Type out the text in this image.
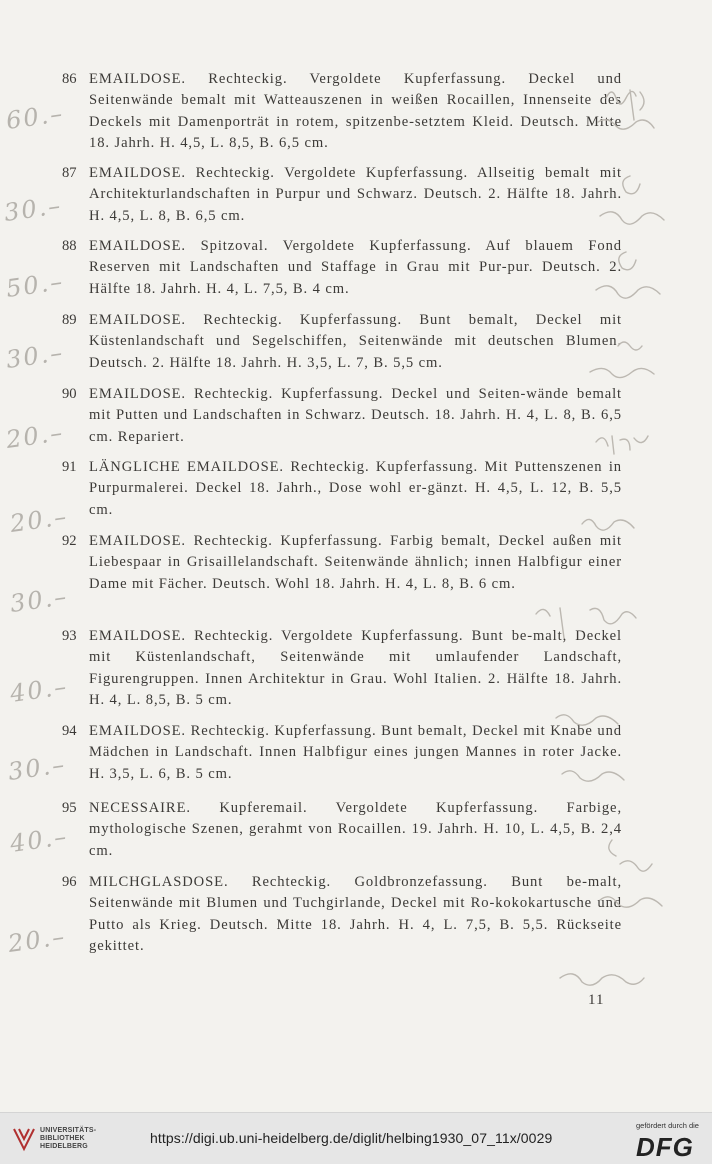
86 EMAILDOSE. Rechteckig. Vergoldete Kupferfassung. Deckel und Seitenwände bemalt mit Watteauszenen in weißen Rocaillen, Innenseite des Deckels mit Damenporträt in rotem, spitzenbe-setztem Kleid. Deutsch. Mitte 18. Jahrh. H. 4,5, L. 8,5, B. 6,5 cm.
87 EMAILDOSE. Rechteckig. Vergoldete Kupferfassung. Allseitig bemalt mit Architekturlandschaften in Purpur und Schwarz. Deutsch. 2. Hälfte 18. Jahrh. H. 4,5, L. 8, B. 6,5 cm.
88 EMAILDOSE. Spitzoval. Vergoldete Kupferfassung. Auf blauem Fond Reserven mit Landschaften und Staffage in Grau mit Pur-pur. Deutsch. 2. Hälfte 18. Jahrh. H. 4, L. 7,5, B. 4 cm.
89 EMAILDOSE. Rechteckig. Kupferfassung. Bunt bemalt, Deckel mit Küstenlandschaft und Segelschiffen, Seitenwände mit deutschen Blumen. Deutsch. 2. Hälfte 18. Jahrh. H. 3,5, L. 7, B. 5,5 cm.
90 EMAILDOSE. Rechteckig. Kupferfassung. Deckel und Seiten-wände bemalt mit Putten und Landschaften in Schwarz. Deutsch. 18. Jahrh. H. 4, L. 8, B. 6,5 cm. Repariert.
91 LÄNGLICHE EMAILDOSE. Rechteckig. Kupferfassung. Mit Puttenszenen in Purpurmalerei. Deckel 18. Jahrh., Dose wohl er-gänzt. H. 4,5, L. 12, B. 5,5 cm.
92 EMAILDOSE. Rechteckig. Kupferfassung. Farbig bemalt, Deckel außen mit Liebespaar in Grisaillelandschaft. Seitenwände ähnlich; innen Halbfigur einer Dame mit Fächer. Deutsch. Wohl 18. Jahrh. H. 4, L. 8, B. 6 cm.
93 EMAILDOSE. Rechteckig. Vergoldete Kupferfassung. Bunt be-malt, Deckel mit Küstenlandschaft, Seitenwände mit umlaufender Landschaft, Figurengruppen. Innen Architektur in Grau. Wohl Italien. 2. Hälfte 18. Jahrh. H. 4, L. 8,5, B. 5 cm.
94 EMAILDOSE. Rechteckig. Kupferfassung. Bunt bemalt, Deckel mit Knabe und Mädchen in Landschaft. Innen Halbfigur eines jungen Mannes in roter Jacke. H. 3,5, L. 6, B. 5 cm.
95 NECESSAIRE. Kupferemail. Vergoldete Kupferfassung. Farbige, mythologische Szenen, gerahmt von Rocaillen. 19. Jahrh. H. 10, L. 4,5, B. 2,4 cm.
96 MILCHGLASDOSE. Rechteckig. Goldbronzefassung. Bunt be-malt, Seitenwände mit Blumen und Tuchgirlande, Deckel mit Ro-kokokartusche und Putto als Krieg. Deutsch. Mitte 18. Jahrh. H. 4, L. 7,5, B. 5,5. Rückseite gekittet.
60.–
30.–
50.–
30.–
20.–
20.–
30.–
40.–
30.–
40.–
20.–
11
UNIVERSITÄTS-
BIBLIOTHEK
HEIDELBERG
https://digi.ub.uni-heidelberg.de/diglit/helbing1930_07_11x/0029
gefördert durch die
DFG
